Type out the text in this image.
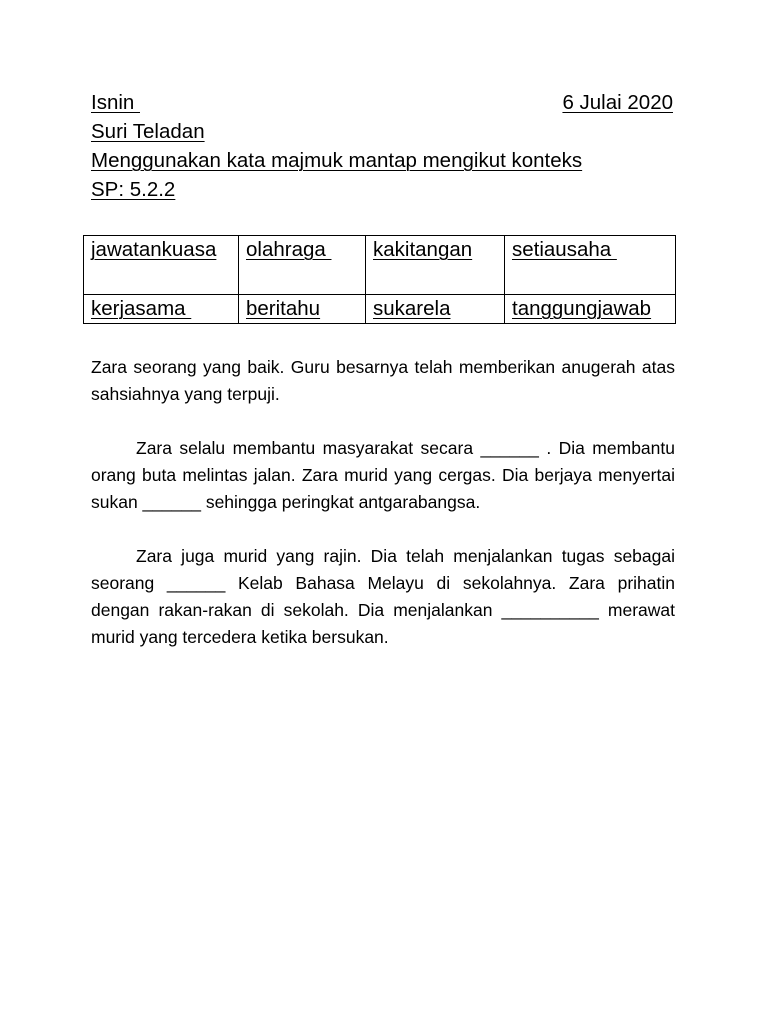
Isnin	6 Julai 2020
Suri Teladan
Menggunakan kata majmuk mantap mengikut konteks
SP: 5.2.2
jawatankuasa	olahraga	kakitangan	setiausaha
kerjasama	beritahu	sukarela	tanggungjawab

Zara seorang yang baik. Guru besarnya telah memberikan anugerah atas sahsiahnya yang terpuji.

Zara selalu membantu masyarakat secara ______ . Dia membantu orang buta melintas jalan. Zara murid yang cergas. Dia berjaya menyertai sukan ______ sehingga peringkat antgarabangsa.

Zara juga murid yang rajin. Dia telah menjalankan tugas sebagai seorang ______ Kelab Bahasa Melayu di sekolahnya. Zara prihatin dengan rakan-rakan di sekolah. Dia menjalankan __________ merawat murid yang tercedera ketika bersukan.
